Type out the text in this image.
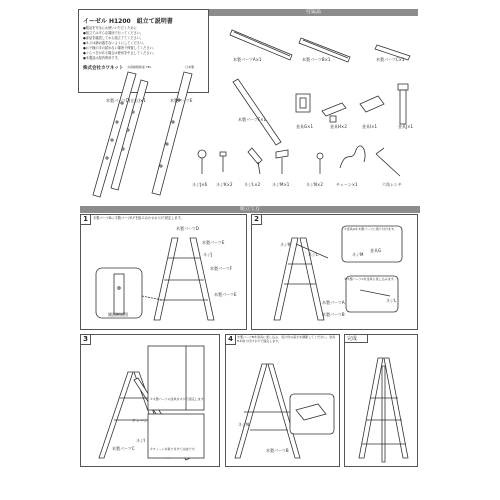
イーゼル H1200　組立て説明書
●製品を安全にお使いいただくために
●組立ては平らな場所で行ってください。
●部品を確認してから組立ててください。
●ネジは締め過ぎないようにしてください。
●お子様の手の届かない場所で保管してください。
●ぐらつきがある場合は使用を中止してください。
●本製品は屋内専用です。
株式会社カワネット お客様相談室 TEL	日本製
付属品
木製パーツA×1	木製パーツB×1	木製パーツC×1
木製パーツD(左右)×1	木製パーツE
木製パーツF×1
金具G×1	金具H×2	金具I×1	金具J×1
ネジJ×6 ネジK×2	ネジL×2	ネジM×1	ネジN×2	チェーン×1	六角レンチ
組立て方
1	木製パーツDに木製パーツE,Fを組み合わせネジJで固定します。
木製パーツD
木製パーツE
ネジJ
木製パーツF
木製パーツE
側面断面図
2
①金具Gを木製パーツに取り付けます。
②木製パーツCを金具に差し込みます。
ネジK
ネジL
金具G
ネジM
木製パーツA
木製パーツB
ネジL
3
①木製パーツの金具をネジで固定します。
②チェーンを取り付けて完成です。
チェーン
木製パーツC
ネジI
4	木製パーツBを金具に差し込み、受け台の高さを調節してください。金具Hを取り付けネジで固定します。
ネジN
木製パーツB
完成
